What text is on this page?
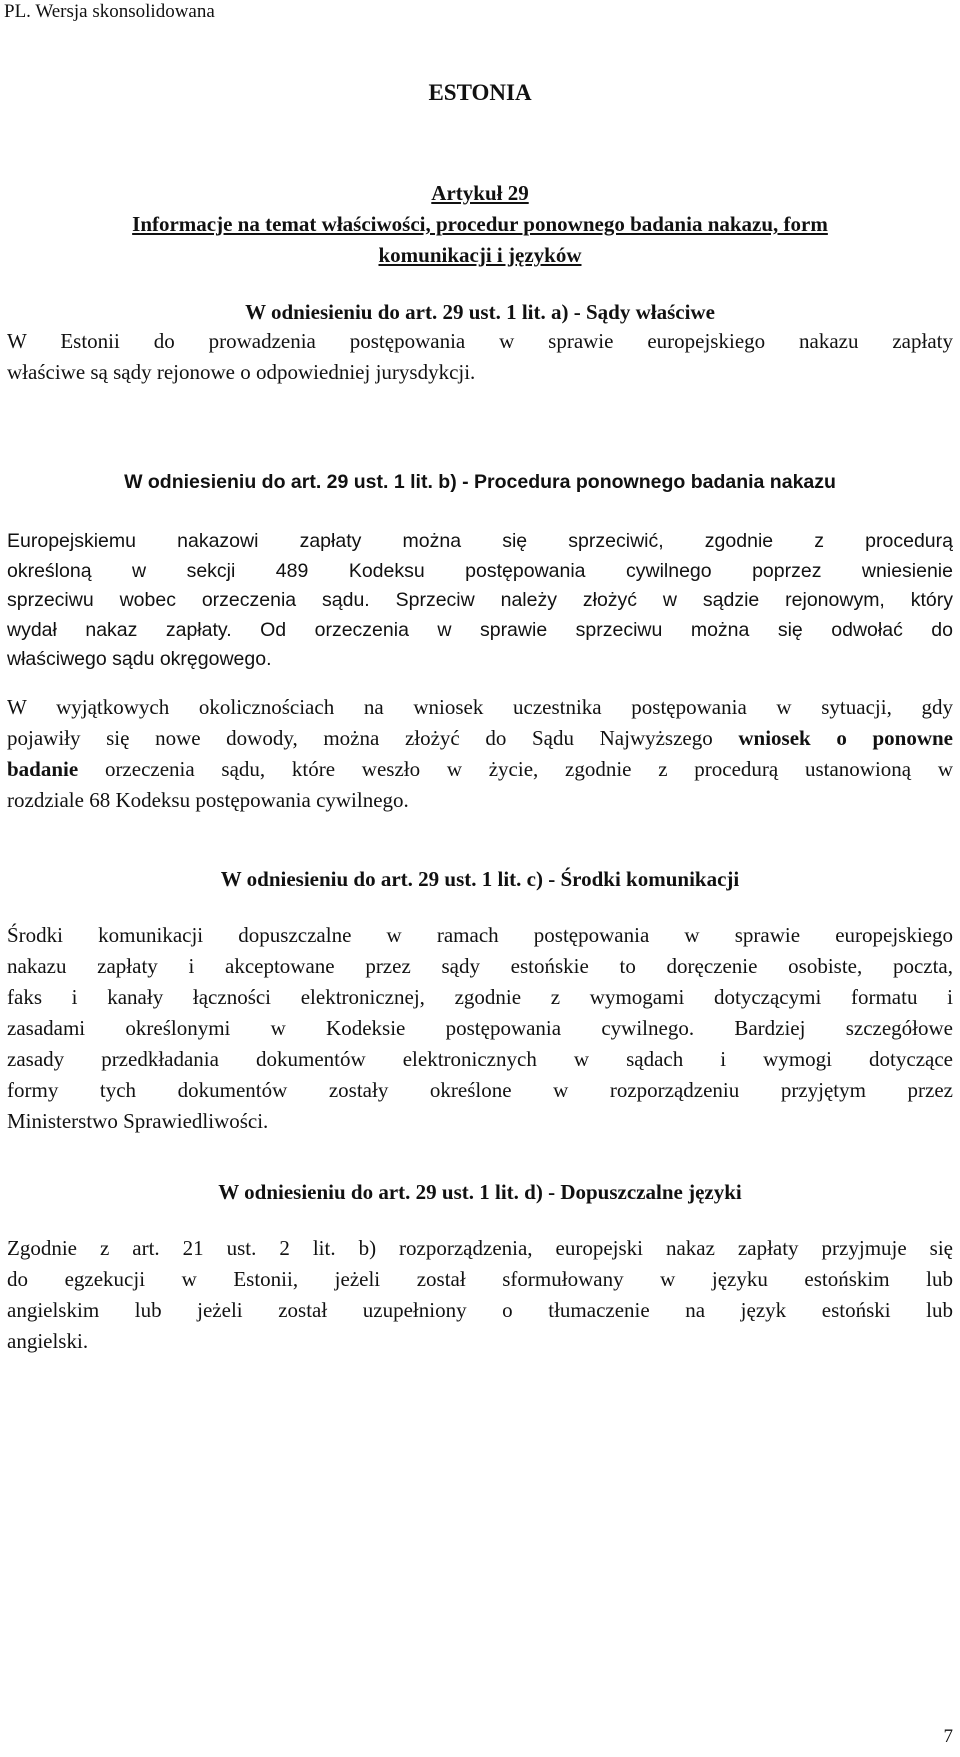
PL. Wersja skonsolidowana
ESTONIA
Artykuł 29
Informacje na temat właściwości, procedur ponownego badania nakazu, form
komunikacji i języków
W odniesieniu do art. 29 ust. 1 lit. a) - Sądy właściwe
W Estonii do prowadzenia postępowania w sprawie europejskiego nakazu zapłaty
właściwe są sądy rejonowe o odpowiedniej jurysdykcji.
W odniesieniu do art. 29 ust. 1 lit. b) - Procedura ponownego badania nakazu
Europejskiemu nakazowi zapłaty można się sprzeciwić, zgodnie z procedurą
określoną w sekcji 489 Kodeksu postępowania cywilnego poprzez wniesienie
sprzeciwu wobec orzeczenia sądu. Sprzeciw należy złożyć w sądzie rejonowym, który
wydał nakaz zapłaty. Od orzeczenia w sprawie sprzeciwu można się odwołać do
właściwego sądu okręgowego.
W wyjątkowych okolicznościach na wniosek uczestnika postępowania w sytuacji, gdy
pojawiły się nowe dowody, można złożyć do Sądu Najwyższego wniosek o ponowne
badanie orzeczenia sądu, które weszło w życie, zgodnie z procedurą ustanowioną w
rozdziale 68 Kodeksu postępowania cywilnego.
W odniesieniu do art. 29 ust. 1 lit. c) - Środki komunikacji
Środki komunikacji dopuszczalne w ramach postępowania w sprawie europejskiego
nakazu zapłaty i akceptowane przez sądy estońskie to doręczenie osobiste, poczta,
faks i kanały łączności elektronicznej, zgodnie z wymogami dotyczącymi formatu i
zasadami określonymi w Kodeksie postępowania cywilnego. Bardziej szczegółowe
zasady przedkładania dokumentów elektronicznych w sądach i wymogi dotyczące
formy tych dokumentów zostały określone w rozporządzeniu przyjętym przez
Ministerstwo Sprawiedliwości.
W odniesieniu do art. 29 ust. 1 lit. d) - Dopuszczalne języki
Zgodnie z art. 21 ust. 2 lit. b) rozporządzenia, europejski nakaz zapłaty przyjmuje się
do egzekucji w Estonii, jeżeli został sformułowany w języku estońskim lub
angielskim lub jeżeli został uzupełniony o tłumaczenie na język estoński lub
angielski.
7
